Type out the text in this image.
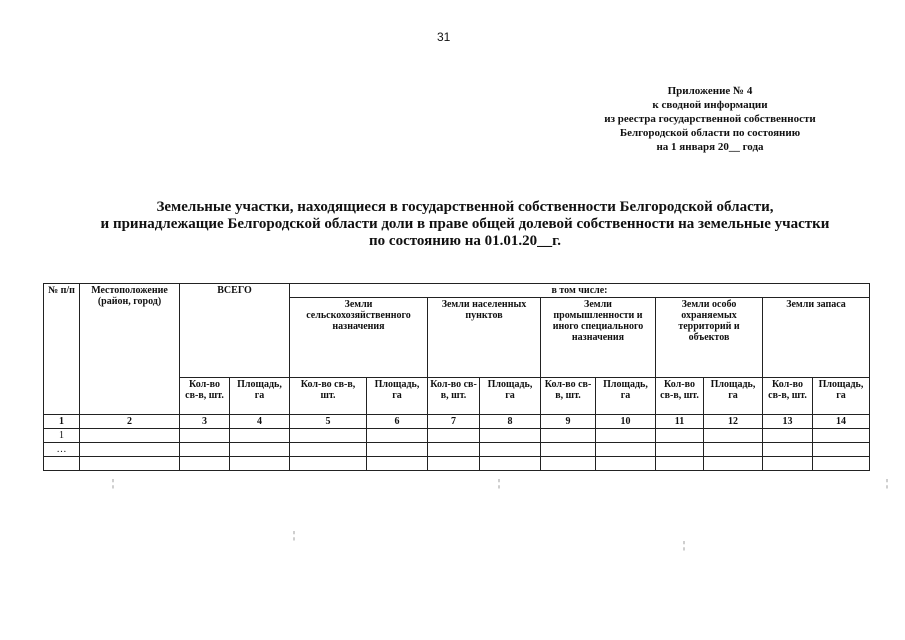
31
Приложение № 4
к сводной информации
из реестра государственной собственности
Белгородской области по состоянию
на 1 января 20__ года
Земельные участки, находящиеся в государственной собственности Белгородской области,
и принадлежащие Белгородской области доли в праве общей долевой собственности на земельные участки
по состоянию на 01.01.20__г.
№ п/п	Местоположение (район, город)	ВСЕГО		в том числе:									
				Земли сельскохозяйственного назначения		Земли населенных пунктов		Земли промышленности и иного специального назначения		Земли особо охраняемых территорий и объектов		Земли запаса	
		Кол-во св-в, шт.	Площадь, га	Кол-во св-в, шт.	Площадь, га	Кол-во св-в, шт.	Площадь, га	Кол-во св-в, шт.	Площадь, га	Кол-во св-в, шт.	Площадь, га	Кол-во св-в, шт.	Площадь, га
1	2	3	4	5	6	7	8	9	10	11	12	13	14
1													
…													

¦	¦	¦
¦
¦
